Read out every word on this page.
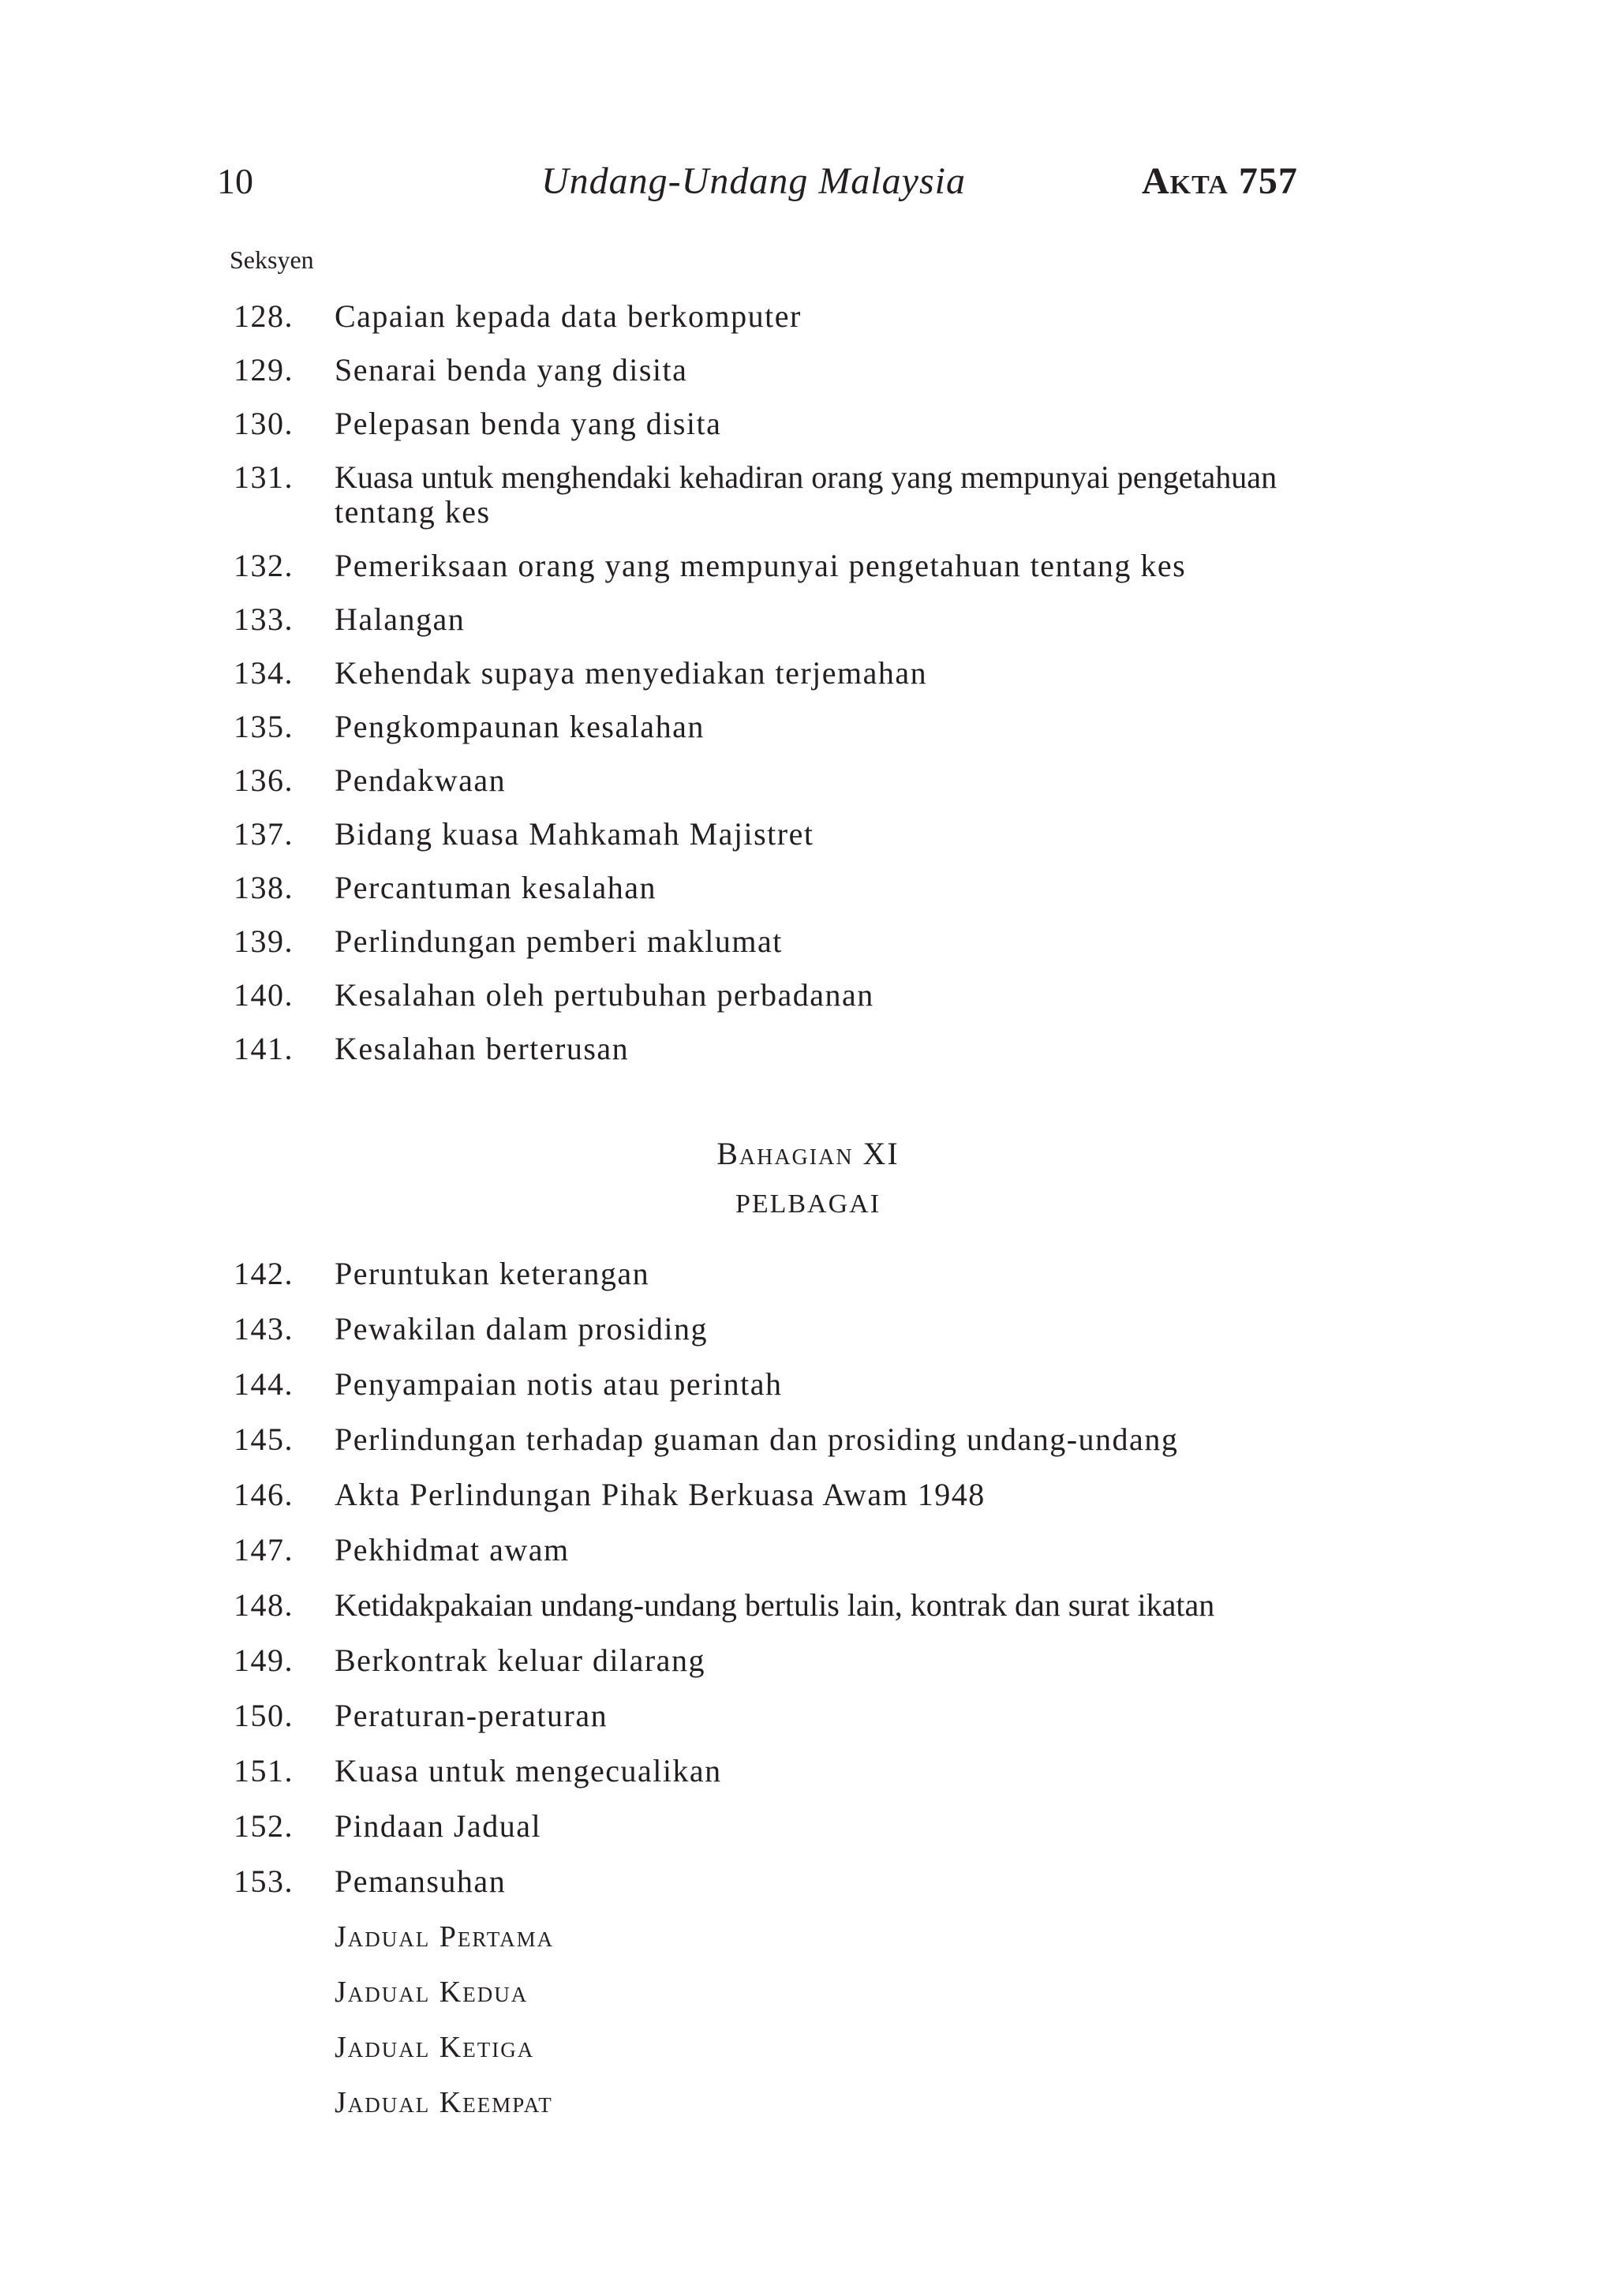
10	Undang-Undang Malaysia	Akta 757
Seksyen
128. Capaian kepada data berkomputer
129. Senarai benda yang disita
130. Pelepasan benda yang disita
131. Kuasa untuk menghendaki kehadiran orang yang mempunyai pengetahuan
tentang kes
132. Pemeriksaan orang yang mempunyai pengetahuan tentang kes
133. Halangan
134. Kehendak supaya menyediakan terjemahan
135. Pengkompaunan kesalahan
136. Pendakwaan
137. Bidang kuasa Mahkamah Majistret
138. Percantuman kesalahan
139. Perlindungan pemberi maklumat
140. Kesalahan oleh pertubuhan perbadanan
141. Kesalahan berterusan
Bahagian XI
PELBAGAI
142. Peruntukan keterangan
143. Pewakilan dalam prosiding
144. Penyampaian notis atau perintah
145. Perlindungan terhadap guaman dan prosiding undang-undang
146. Akta Perlindungan Pihak Berkuasa Awam 1948
147. Pekhidmat awam
148. Ketidakpakaian undang-undang bertulis lain, kontrak dan surat ikatan
149. Berkontrak keluar dilarang
150. Peraturan-peraturan
151. Kuasa untuk mengecualikan
152. Pindaan Jadual
153. Pemansuhan
Jadual Pertama
Jadual Kedua
Jadual Ketiga
Jadual Keempat
